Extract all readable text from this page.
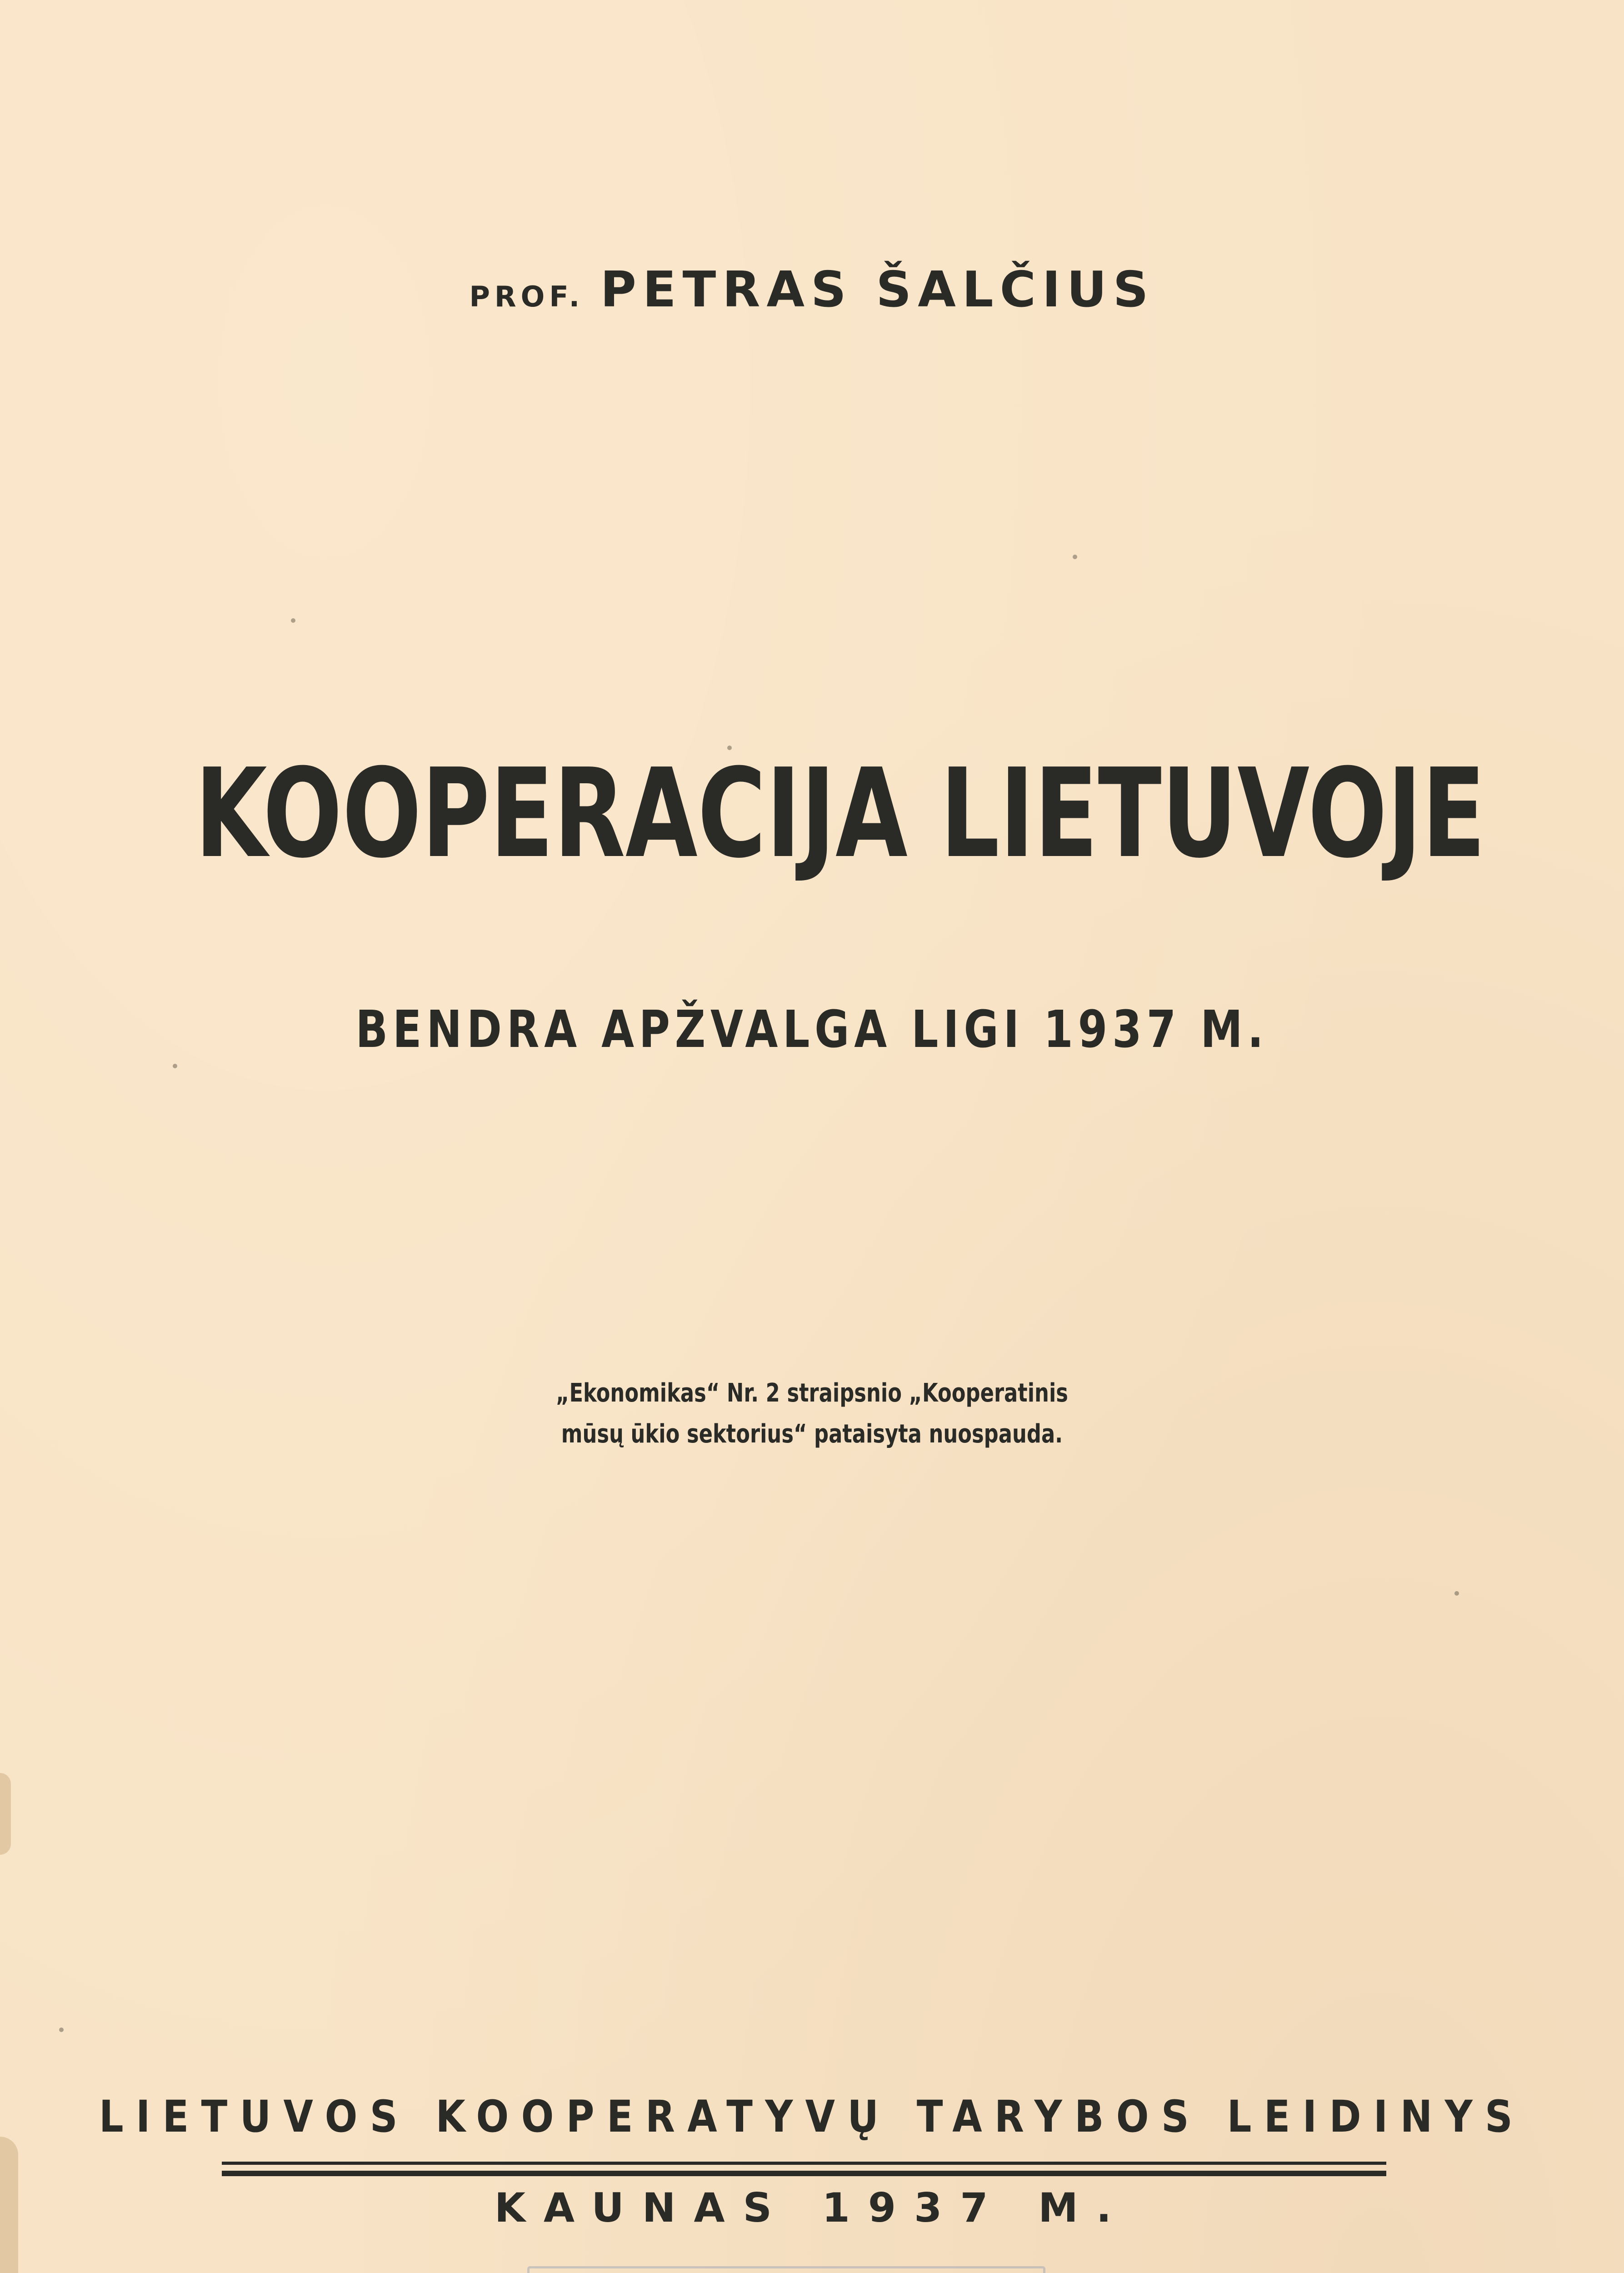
PROF. PETRAS ŠALČIUS
KOOPERACIJA LIETUVOJE
BENDRA APŽVALGA LIGI 1937 M.
„Ekonomikas“ Nr. 2 straipsnio „Kooperatinis
mūsų ūkio sektorius“ pataisyta nuospauda.
LIETUVOS KOOPERATYVŲ TARYBOS LEIDINYS
KAUNAS 1937 M.
